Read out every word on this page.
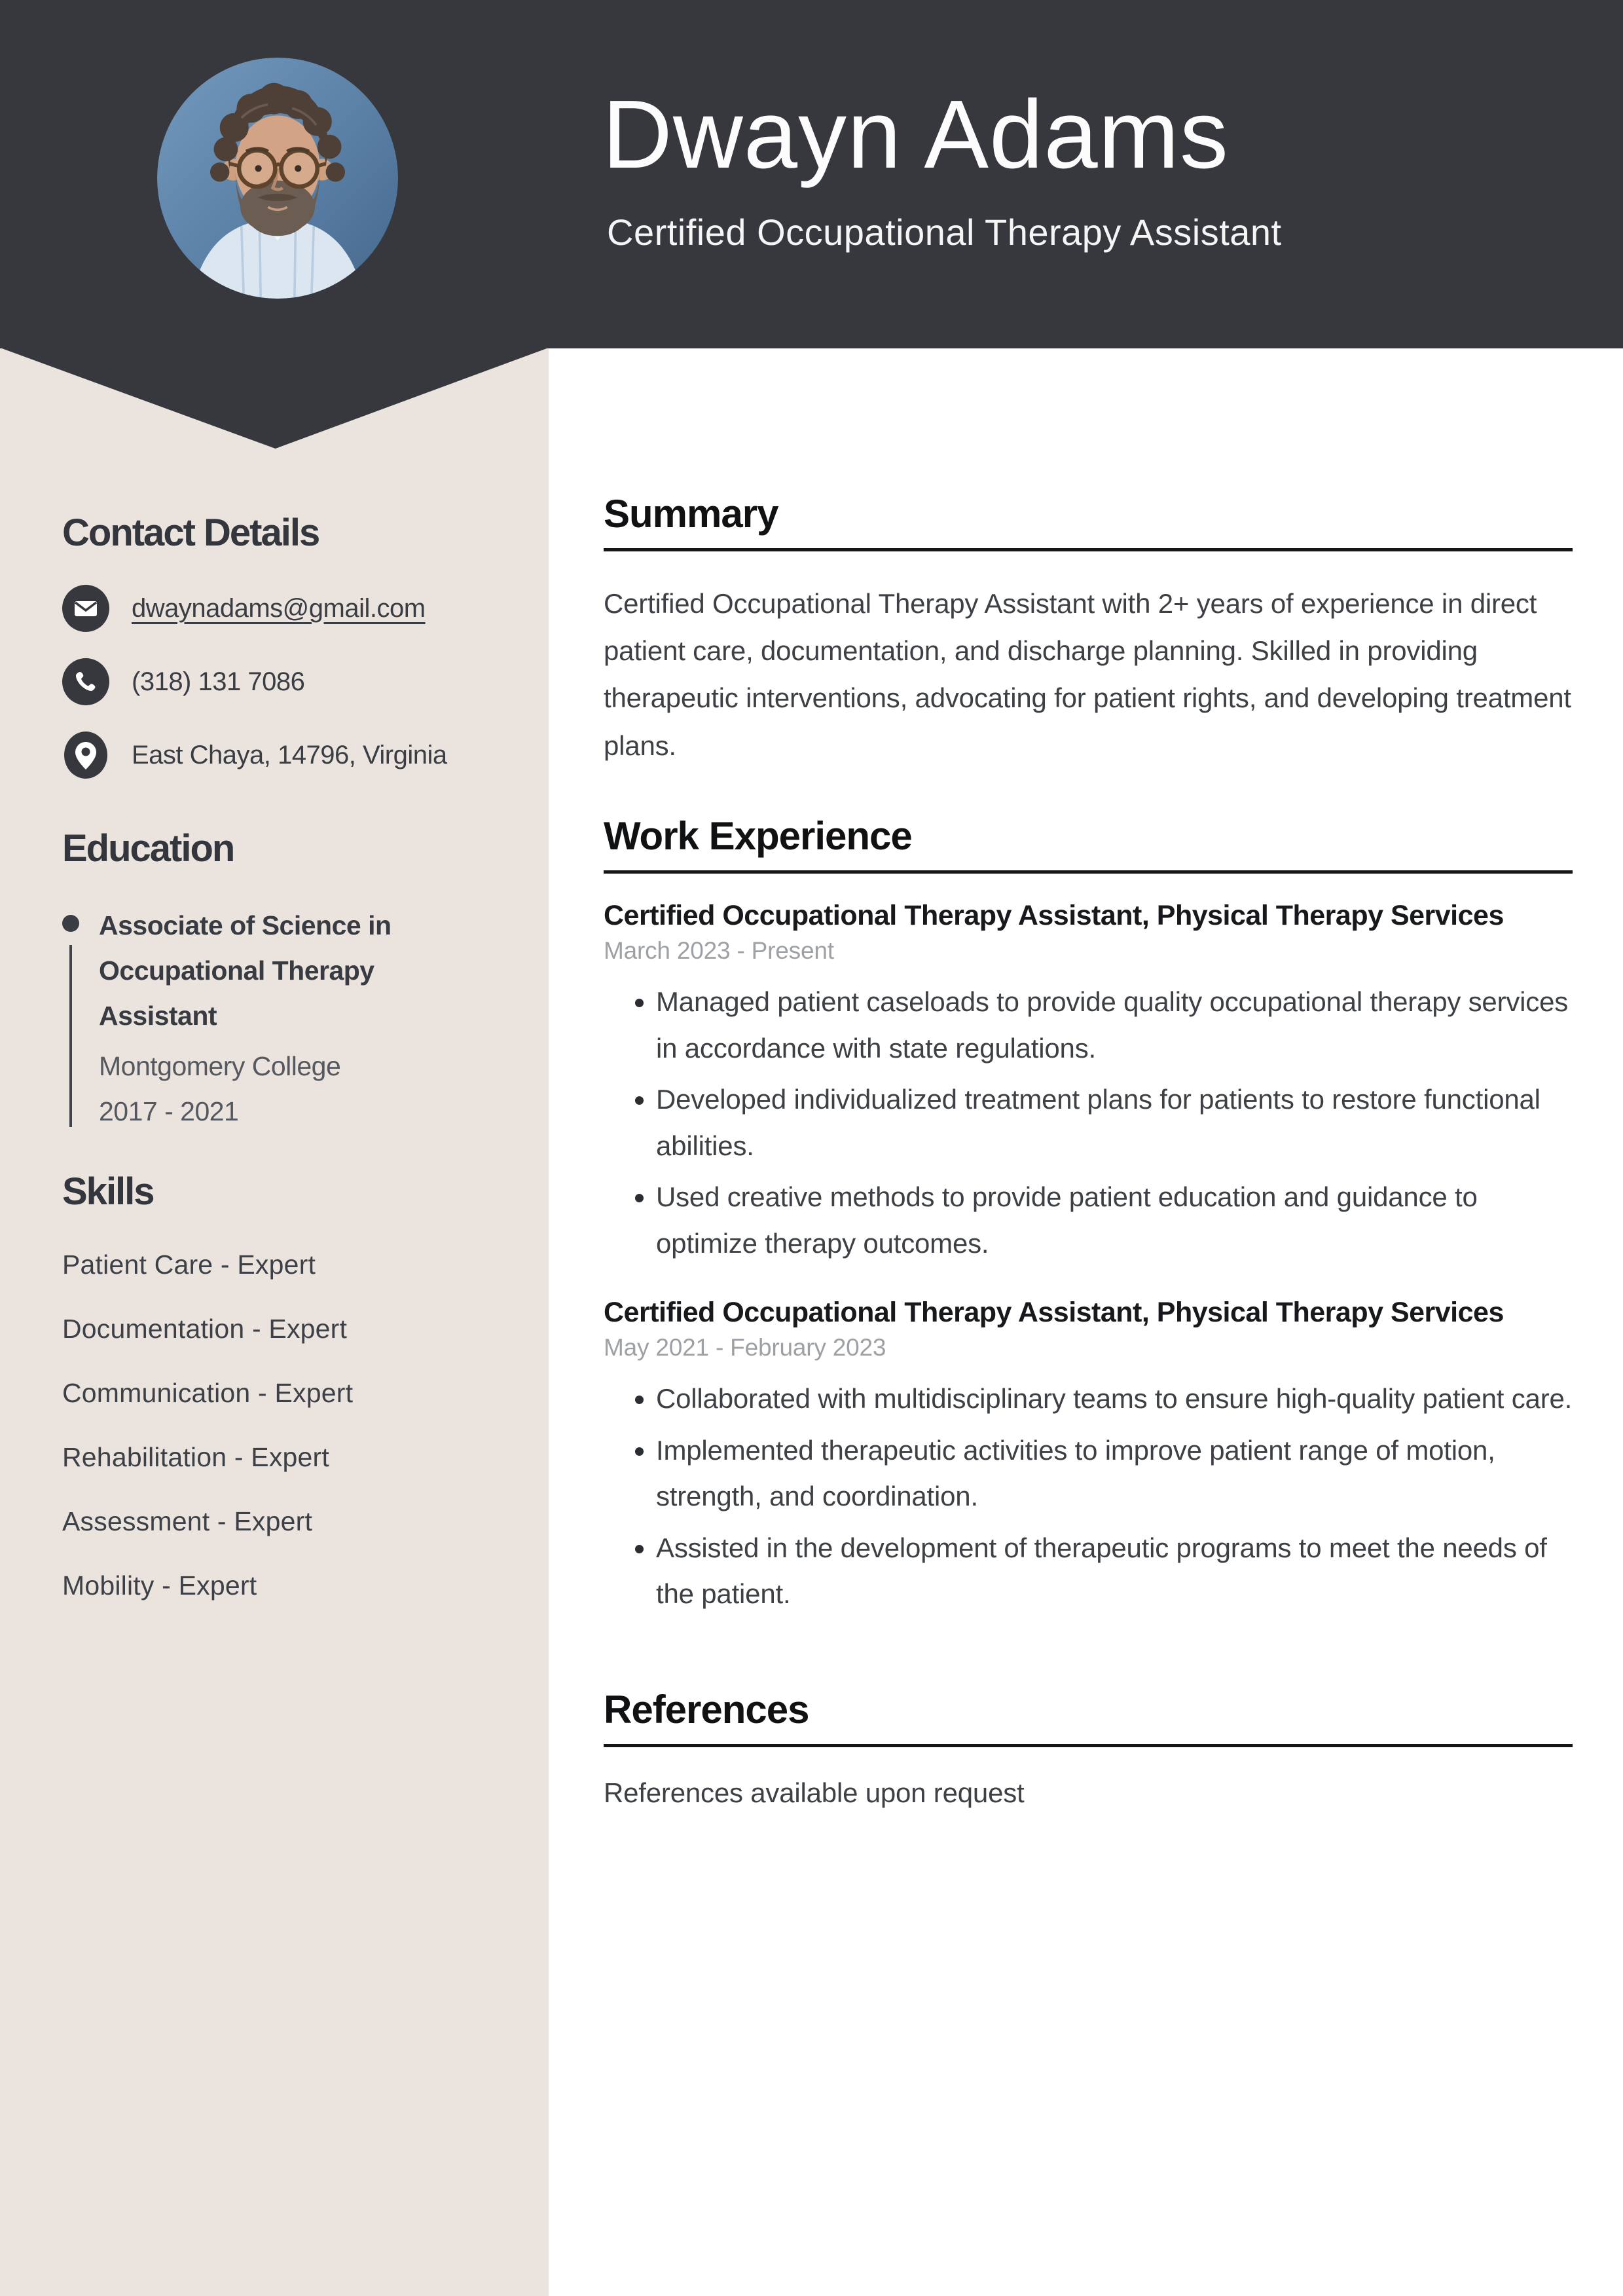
Dwayn Adams
Certified Occupational Therapy Assistant
Contact Details
dwaynadams@gmail.com
(318) 131 7086
East Chaya, 14796, Virginia
Education
Associate of Science in Occupational Therapy Assistant
Montgomery College
2017 - 2021
Skills
Patient Care - Expert
Documentation - Expert
Communication - Expert
Rehabilitation - Expert
Assessment - Expert
Mobility - Expert
Summary
Certified Occupational Therapy Assistant with 2+ years of experience in direct patient care, documentation, and discharge planning. Skilled in providing therapeutic interventions, advocating for patient rights, and developing treatment plans.
Work Experience
Certified Occupational Therapy Assistant, Physical Therapy Services
March 2023 - Present
• Managed patient caseloads to provide quality occupational therapy services in accordance with state regulations.
• Developed individualized treatment plans for patients to restore functional abilities.
• Used creative methods to provide patient education and guidance to optimize therapy outcomes.
Certified Occupational Therapy Assistant, Physical Therapy Services
May 2021 - February 2023
• Collaborated with multidisciplinary teams to ensure high-quality patient care.
• Implemented therapeutic activities to improve patient range of motion, strength, and coordination.
• Assisted in the development of therapeutic programs to meet the needs of the patient.
References
References available upon request
